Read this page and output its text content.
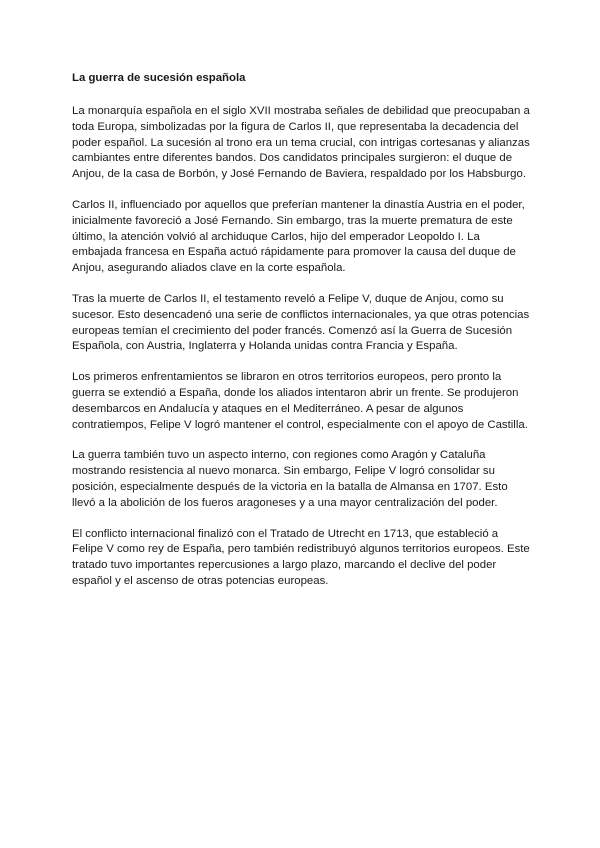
La guerra de sucesión española

La monarquía española en el siglo XVII mostraba señales de debilidad que preocupaban a toda Europa, simbolizadas por la figura de Carlos II, que representaba la decadencia del poder español. La sucesión al trono era un tema crucial, con intrigas cortesanas y alianzas cambiantes entre diferentes bandos. Dos candidatos principales surgieron: el duque de Anjou, de la casa de Borbón, y José Fernando de Baviera, respaldado por los Habsburgo.

Carlos II, influenciado por aquellos que preferían mantener la dinastía Austria en el poder, inicialmente favoreció a José Fernando. Sin embargo, tras la muerte prematura de este último, la atención volvió al archiduque Carlos, hijo del emperador Leopoldo I. La embajada francesa en España actuó rápidamente para promover la causa del duque de Anjou, asegurando aliados clave en la corte española.

Tras la muerte de Carlos II, el testamento reveló a Felipe V, duque de Anjou, como su sucesor. Esto desencadenó una serie de conflictos internacionales, ya que otras potencias europeas temían el crecimiento del poder francés. Comenzó así la Guerra de Sucesión Española, con Austria, Inglaterra y Holanda unidas contra Francia y España.

Los primeros enfrentamientos se libraron en otros territorios europeos, pero pronto la guerra se extendió a España, donde los aliados intentaron abrir un frente. Se produjeron desembarcos en Andalucía y ataques en el Mediterráneo. A pesar de algunos contratiempos, Felipe V logró mantener el control, especialmente con el apoyo de Castilla.

La guerra también tuvo un aspecto interno, con regiones como Aragón y Cataluña mostrando resistencia al nuevo monarca. Sin embargo, Felipe V logró consolidar su posición, especialmente después de la victoria en la batalla de Almansa en 1707. Esto llevó a la abolición de los fueros aragoneses y a una mayor centralización del poder.

El conflicto internacional finalizó con el Tratado de Utrecht en 1713, que estableció a Felipe V como rey de España, pero también redistribuyó algunos territorios europeos. Este tratado tuvo importantes repercusiones a largo plazo, marcando el declive del poder español y el ascenso de otras potencias europeas.
